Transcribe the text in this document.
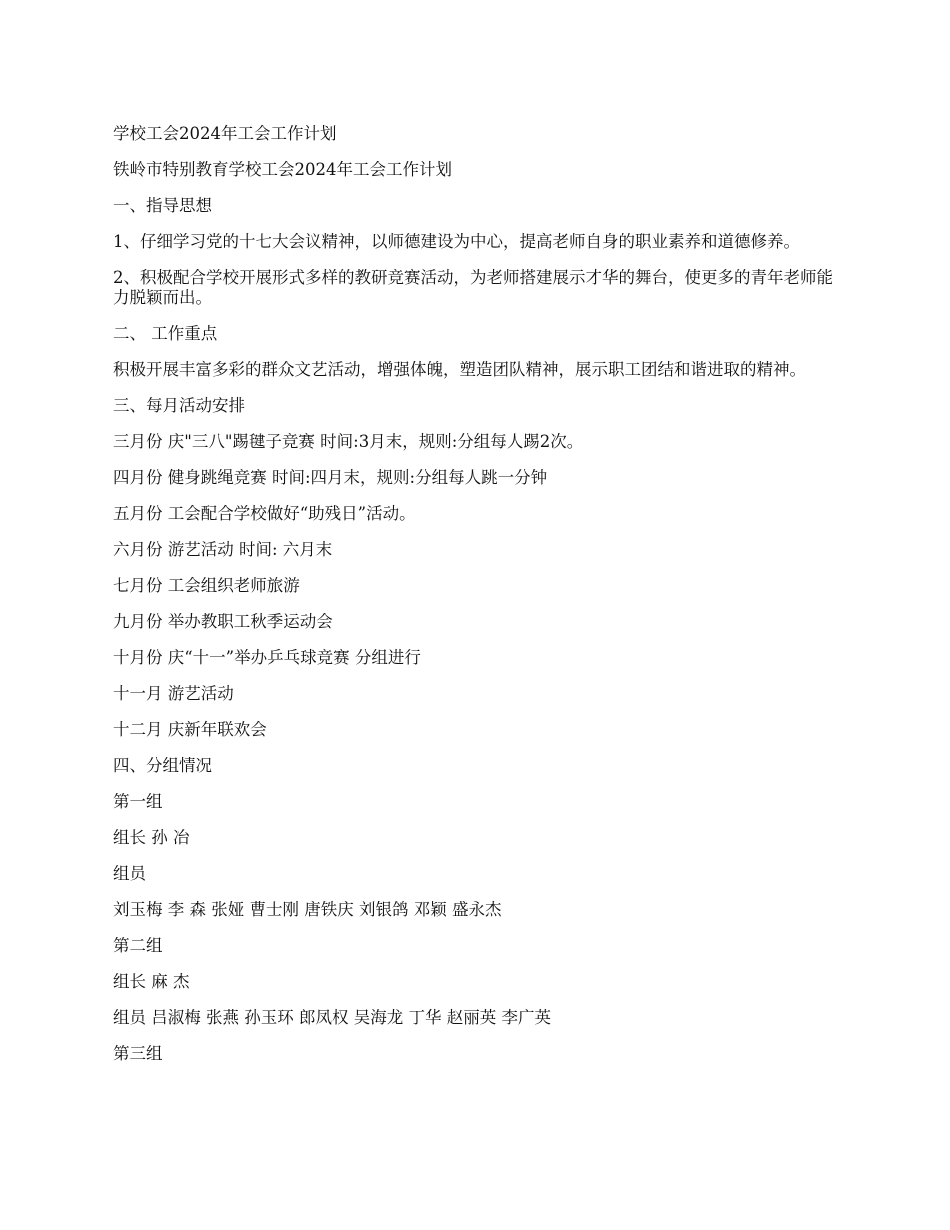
学校工会2024年工会工作计划

铁岭市特别教育学校工会2024年工会工作计划

一、指导思想

1、仔细学习党的十七大会议精神，以师德建设为中心，提高老师自身的职业素养和道德修养。

2、积极配合学校开展形式多样的教研竞赛活动，为老师搭建展示才华的舞台，使更多的青年老师能力脱颖而出。

二、 工作重点

积极开展丰富多彩的群众文艺活动，增强体魄，塑造团队精神，展示职工团结和谐进取的精神。

三、每月活动安排

三月份 庆"三八"踢毽子竞赛 时间:3月末，规则:分组每人踢2次。

四月份 健身跳绳竞赛 时间:四月末，规则:分组每人跳一分钟

五月份 工会配合学校做好“助残日”活动。

六月份 游艺活动 时间: 六月末

七月份 工会组织老师旅游

九月份 举办教职工秋季运动会

十月份 庆“十一”举办乒乓球竞赛 分组进行

十一月 游艺活动

十二月 庆新年联欢会

四、分组情况

第一组

组长 孙 冶

组员

刘玉梅 李 森 张娅 曹士刚 唐铁庆 刘银鸽 邓颖 盛永杰

第二组

组长 麻 杰

组员 吕淑梅 张燕 孙玉环 郎凤权 吴海龙 丁华 赵丽英 李广英

第三组
